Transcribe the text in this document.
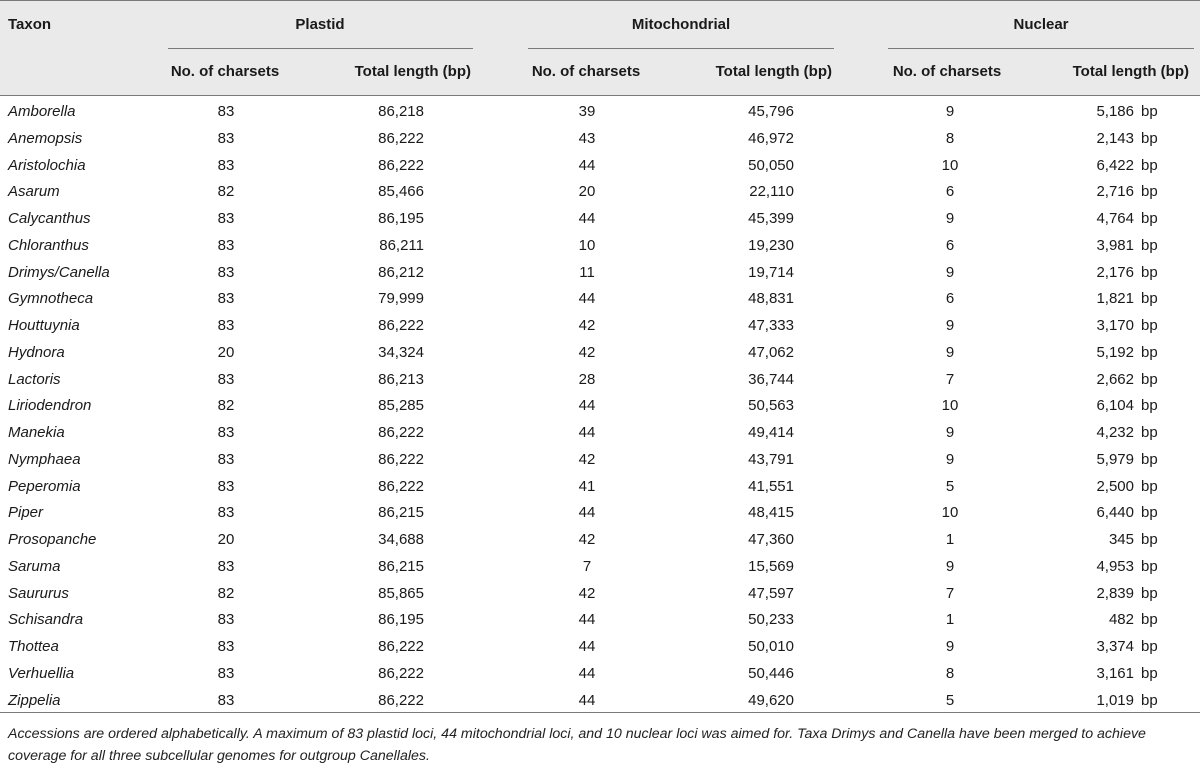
Taxon	Plastid	Mitochondrial	Nuclear
No. of charsets	Total length (bp)	No. of charsets	Total length (bp)	No. of charsets	Total length (bp)
Amborella	83	86,218	39	45,796	9	5,186 bp
Anemopsis	83	86,222	43	46,972	8	2,143 bp
Aristolochia	83	86,222	44	50,050	10	6,422 bp
Asarum	82	85,466	20	22,110	6	2,716 bp
Calycanthus	83	86,195	44	45,399	9	4,764 bp
Chloranthus	83	86,211	10	19,230	6	3,981 bp
Drimys/Canella	83	86,212	11	19,714	9	2,176 bp
Gymnotheca	83	79,999	44	48,831	6	1,821 bp
Houttuynia	83	86,222	42	47,333	9	3,170 bp
Hydnora	20	34,324	42	47,062	9	5,192 bp
Lactoris	83	86,213	28	36,744	7	2,662 bp
Liriodendron	82	85,285	44	50,563	10	6,104 bp
Manekia	83	86,222	44	49,414	9	4,232 bp
Nymphaea	83	86,222	42	43,791	9	5,979 bp
Peperomia	83	86,222	41	41,551	5	2,500 bp
Piper	83	86,215	44	48,415	10	6,440 bp
Prosopanche	20	34,688	42	47,360	1	345 bp
Saruma	83	86,215	7	15,569	9	4,953 bp
Saururus	82	85,865	42	47,597	7	2,839 bp
Schisandra	83	86,195	44	50,233	1	482 bp
Thottea	83	86,222	44	50,010	9	3,374 bp
Verhuellia	83	86,222	44	50,446	8	3,161 bp
Zippelia	83	86,222	44	49,620	5	1,019 bp
Accessions are ordered alphabetically. A maximum of 83 plastid loci, 44 mitochondrial loci, and 10 nuclear loci was aimed for. Taxa Drimys and Canella have been merged to achieve coverage for all three subcellular genomes for outgroup Canellales.
